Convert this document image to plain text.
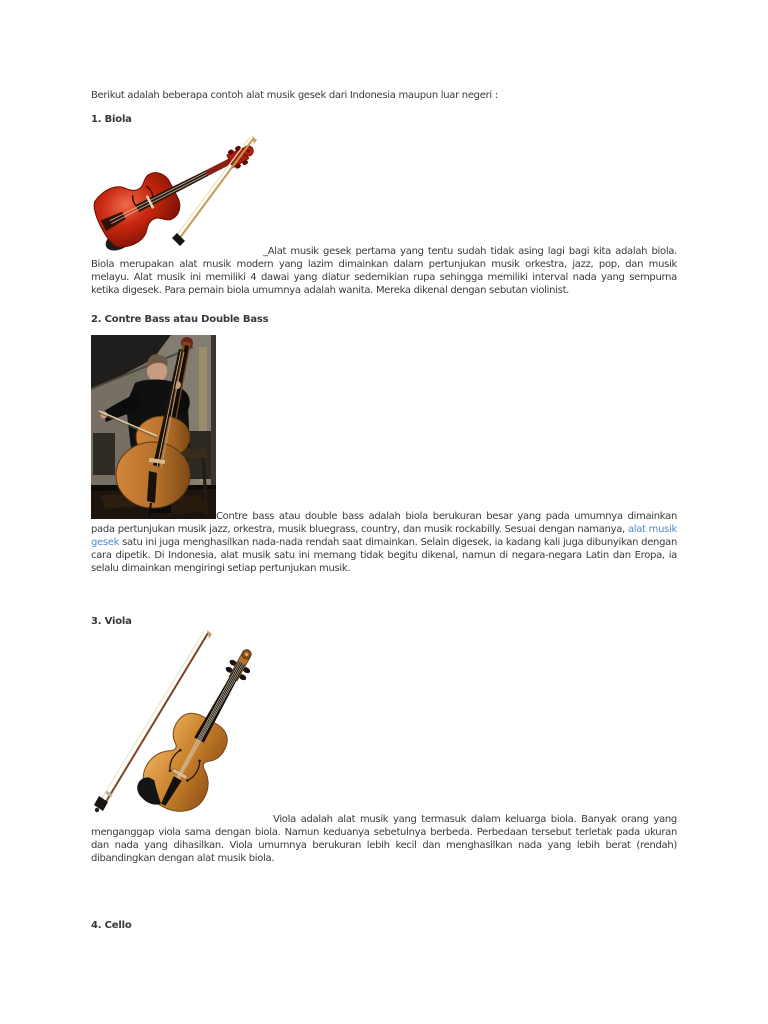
Berikut adalah beberapa contoh alat musik gesek dari Indonesia maupun luar negeri :

1. Biola

_Alat musik gesek pertama yang tentu sudah tidak asing lagi bagi kita adalah biola. Biola merupakan alat musik modern yang lazim dimainkan dalam pertunjukan musik orkestra, jazz, pop, dan musik melayu. Alat musik ini memiliki 4 dawai yang diatur sedemikian rupa sehingga memiliki interval nada yang sempurna ketika digesek. Para pemain biola umumnya adalah wanita. Mereka dikenal dengan sebutan violinist.

2. Contre Bass atau Double Bass

Contre bass atau double bass adalah biola berukuran besar yang pada umumnya dimainkan pada pertunjukan musik jazz, orkestra, musik bluegrass, country, dan musik rockabilly. Sesuai dengan namanya, alat musik gesek satu ini juga menghasilkan nada-nada rendah saat dimainkan. Selain digesek, ia kadang kali juga dibunyikan dengan cara dipetik. Di Indonesia, alat musik satu ini memang tidak begitu dikenal, namun di negara-negara Latin dan Eropa, ia selalu dimainkan mengiringi setiap pertunjukan musik.

3. Viola

Viola adalah alat musik yang termasuk dalam keluarga biola. Banyak orang yang menganggap viola sama dengan biola. Namun keduanya sebetulnya berbeda. Perbedaan tersebut terletak pada ukuran dan nada yang dihasilkan. Viola umumnya berukuran lebih kecil dan menghasilkan nada yang lebih berat (rendah) dibandingkan dengan alat musik biola.

4. Cello
